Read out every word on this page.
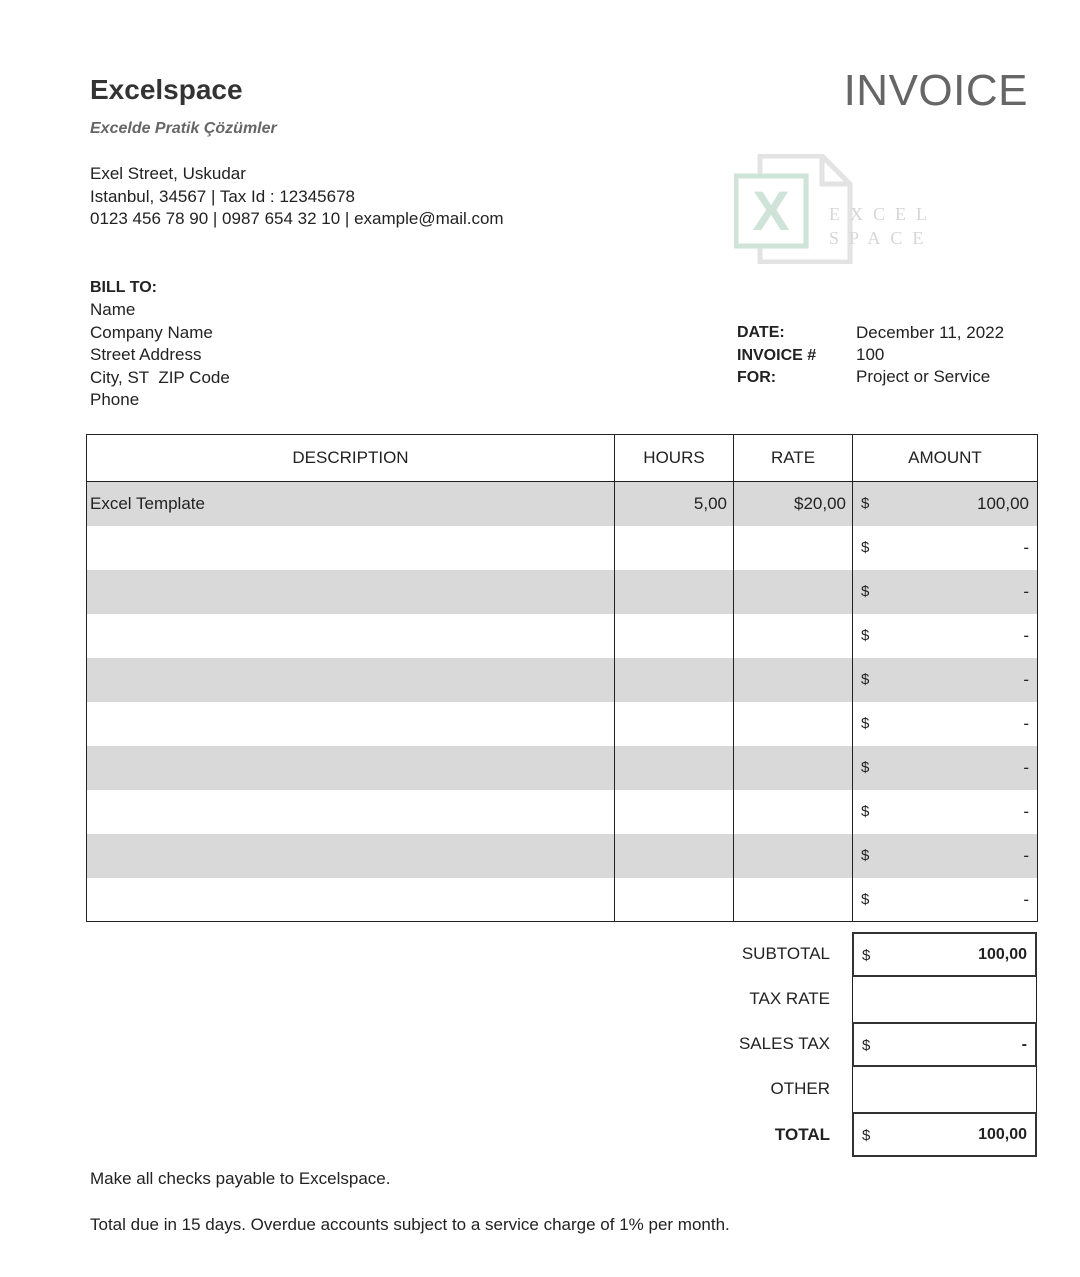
Excelspace
Excelde Pratik Çözümler
Exel Street, Uskudar
Istanbul, 34567 | Tax Id : 12345678
0123 456 78 90 | 0987 654 32 10 | example@mail.com
INVOICE
X EXCEL
SPACE
BILL TO:
Name
Company Name
Street Address
City, ST  ZIP Code
Phone
DATE:	December 11, 2022
INVOICE # 100
FOR:	Project or Service
DESCRIPTION	HOURS	RATE	AMOUNT
Excel Template	5,00	$20,00	$ 100,00

			$ -

			$ -

			$ -

			$ -

			$ -

			$ -

			$ -

			$ -

			$ -
SUBTOTAL $	100,00
TAX RATE
SALES TAX $	-
OTHER
TOTAL $	100,00
Make all checks payable to Excelspace.
Total due in 15 days. Overdue accounts subject to a service charge of 1% per month.
